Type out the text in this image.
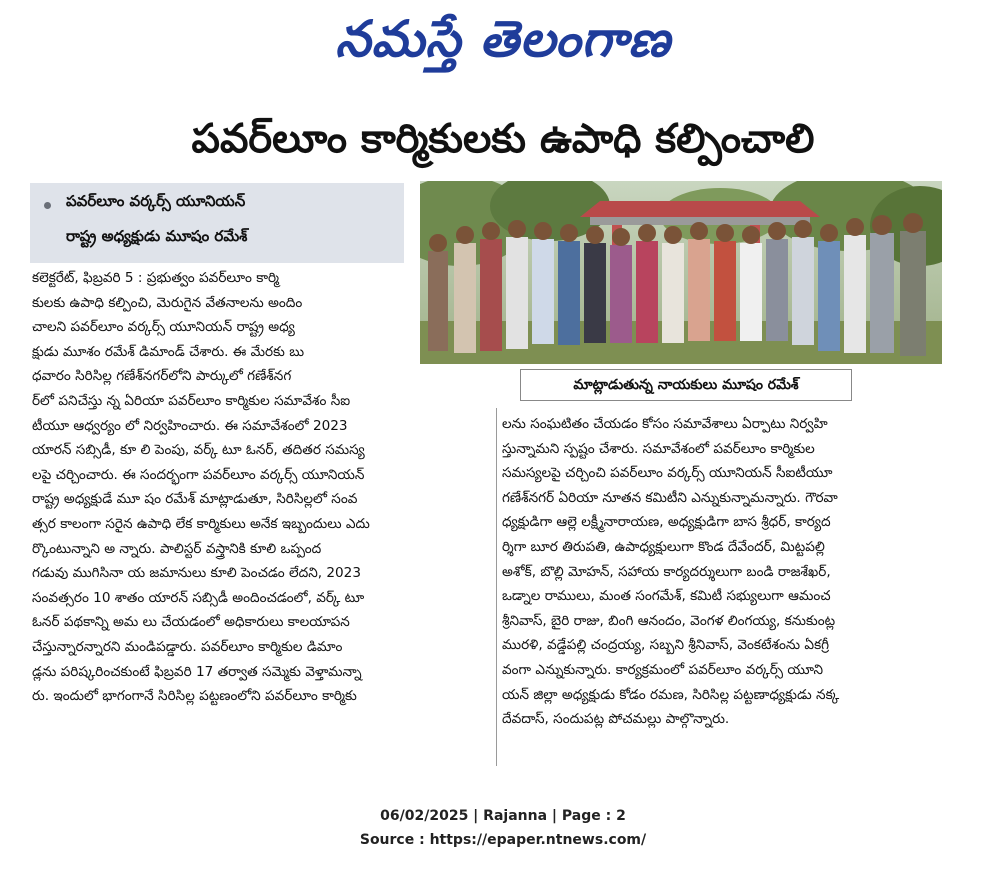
నమస్తే తెలంగాణ
పవర్‌లూం కార్మికులకు ఉపాధి కల్పించాలి
పవర్‌లూం వర్కర్స్ యూనియన్
రాష్ట్ర అధ్యక్షుడు మూషం రమేశ్
మాట్లాడుతున్న నాయకులు మూషం రమేశ్

కలెక్టరేట్, ఫిబ్రవరి 5 : ప్రభుత్వం పవర్‌లూం కార్మి

కులకు ఉపాధి కల్పించి, మెరుగైన వేతనాలను అందిం

చాలని పవర్‌లూం వర్కర్స్ యూనియన్ రాష్ట్ర అధ్య

క్షుడు మూశం రమేశ్ డిమాండ్ చేశారు. ఈ మేరకు బు

ధవారం సిరిసిల్ల గణేశ్‌నగర్‌లోని పార్కులో గణేశ్‌నగ

ర్‌లో పనిచేస్తు న్న ఏరియా పవర్‌లూం కార్మికుల సమావేశం సీఐ

టీయూ ఆధ్వర్యం లో నిర్వహించారు. ఈ సమావేశంలో 2023

యారన్ సబ్సిడీ, కూ లి పెంపు, వర్క్ టూ ఓనర్, తదితర సమస్య

లపై చర్చించారు. ఈ సందర్భంగా పవర్‌లూం వర్కర్స్ యూనియన్

రాష్ట్ర అధ్యక్షుడే మూ షం రమేశ్ మాట్లాడుతూ, సిరిసిల్లలో సంవ

త్సర కాలంగా సరైన ఉపాధి లేక కార్మికులు అనేక ఇబ్బందులు ఎదు

ర్కొంటున్నాని అ న్నారు. పాలిస్టర్ వస్త్రానికి కూలి ఒప్పంద

గడువు ముగిసినా య జమానులు కూలి పెంచడం లేదని, 2023

సంవత్సరం 10 శాతం యారన్ సబ్సిడీ అందించడంలో, వర్క్ టూ

ఓనర్ పథకాన్ని అమ లు చేయడంలో అధికారులు కాలయాపన

చేస్తున్నారన్నారని మండిపడ్డారు. పవర్‌లూం కార్మికుల డిమాం

డ్లను పరిష్కరించకుంటే ఫిబ్రవరి 17 తర్వాత సమ్మెకు వెళ్తామన్నా

రు. ఇందులో భాగంగానే సిరిసిల్ల పట్టణంలోని పవర్‌లూం కార్మికు

లను సంఘటితం చేయడం కోసం సమావేశాలు ఏర్పాటు నిర్వహి

స్తున్నామని స్పష్టం చేశారు. సమావేశంలో పవర్‌లూం కార్మికుల

సమస్యలపై చర్చించి పవర్‌లూం వర్కర్స్ యూనియన్ సీఐటీయూ

గణేశ్‌నగర్ ఏరియా నూతన కమిటీని ఎన్నుకున్నామన్నారు. గౌరవా

ధ్యక్షుడిగా ఆల్లె లక్ష్మీనారాయణ, అధ్యక్షుడిగా బాస శ్రీధర్, కార్యద

ర్శిగా బూర తిరుపతి, ఉపాధ్యక్షులుగా కొండ దేవేందర్, మిట్టపల్లి

అశోక్, బొల్లి మోహన్, సహాయ కార్యదర్శులుగా బండి రాజశేఖర్,

ఒడ్నాల రాములు, మంత సంగమేశ్, కమిటీ సభ్యులుగా ఆమంచ

శ్రీనివాస్, బైరి రాజు, బింగి ఆనందం, వెంగళ లింగయ్య, కనుకుంట్ల

మురళి, వడ్డేపల్లి చంద్రయ్య, సబ్బని శ్రీనివాస్, వెంకటేశంను ఏకగ్రీ

వంగా ఎన్నుకున్నారు. కార్యక్రమంలో పవర్‌లూం వర్కర్స్ యూని

యన్ జిల్లా అధ్యక్షుడు కోడం రమణ, సిరిసిల్ల పట్టణాధ్యక్షుడు నక్క

దేవదాస్, సందుపట్ల పోచమల్లు పాల్గొన్నారు.

06/02/2025 | Rajanna | Page : 2
Source : https://epaper.ntnews.com/
